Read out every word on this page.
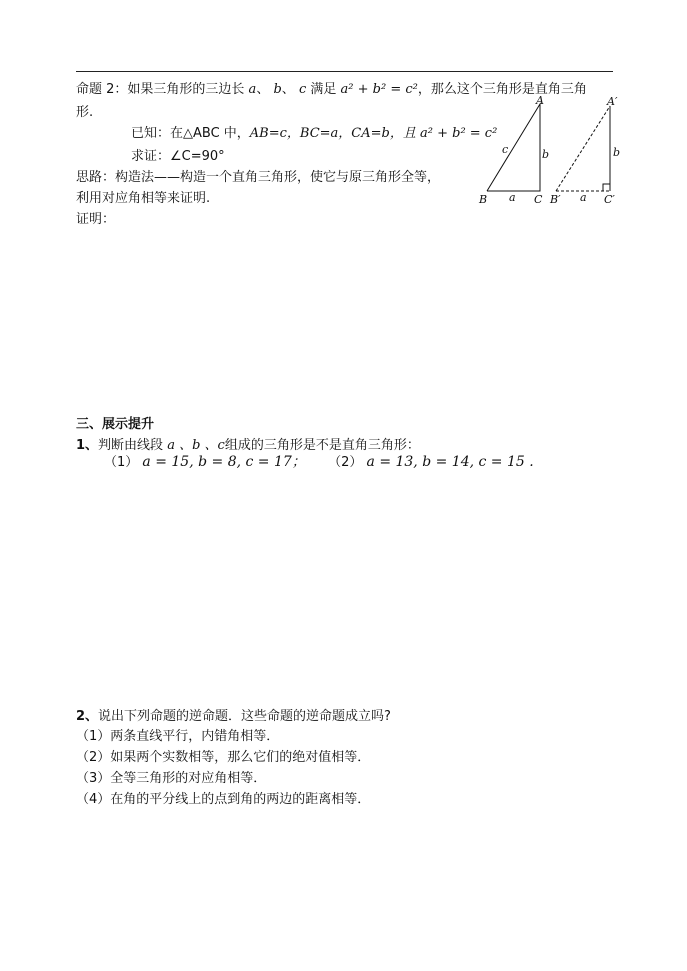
命题 2：如果三角形的三边长 a、 b、 c 满足 a² + b² = c²，那么这个三角形是直角三角
形.
已知：在△ABC 中，AB=c，BC=a，CA=b，且 a² + b² = c²
求证：∠C=90°
思路：构造法——构造一个直角三角形，使它与原三角形全等，
利用对应角相等来证明.
证明：
A
B	C
a
b
c
A′
B′	C′
a
b
三、展示提升
1、判断由线段 a 、b 、c组成的三角形是不是直角三角形：
（1） a = 15, b = 8, c = 17； （2） a = 13, b = 14, c = 15 .
2、说出下列命题的逆命题．这些命题的逆命题成立吗?
（1）两条直线平行，内错角相等．
（2）如果两个实数相等，那么它们的绝对值相等．
（3）全等三角形的对应角相等．
（4）在角的平分线上的点到角的两边的距离相等．
